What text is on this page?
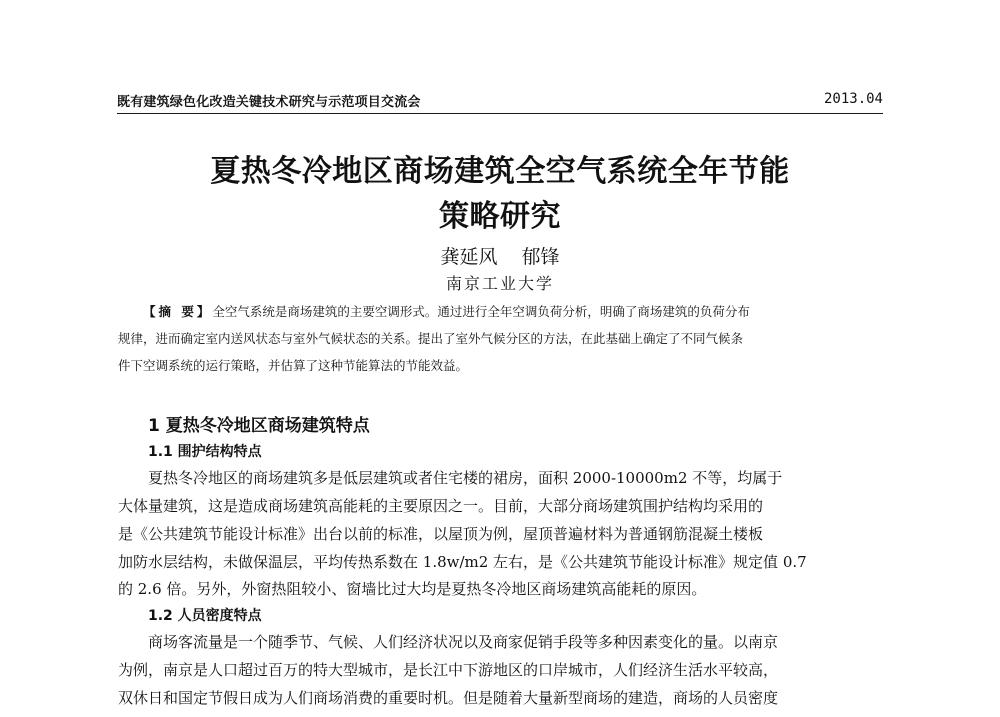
既有建筑绿色化改造关键技术研究与示范项目交流会	2013.04
夏热冬冷地区商场建筑全空气系统全年节能
策略研究
龚延风 郁锋
南京工业大学
【摘 要】全空气系统是商场建筑的主要空调形式。通过进行全年空调负荷分析，明确了商场建筑的负荷分布
规律，进而确定室内送风状态与室外气候状态的关系。提出了室外气候分区的方法，在此基础上确定了不同气候条
件下空调系统的运行策略，并估算了这种节能算法的节能效益。
1 夏热冬冷地区商场建筑特点
1.1 围护结构特点
夏热冬冷地区的商场建筑多是低层建筑或者住宅楼的裙房，面积 2000-10000m2 不等，均属于
大体量建筑，这是造成商场建筑高能耗的主要原因之一。目前，大部分商场建筑围护结构均采用的
是《公共建筑节能设计标准》出台以前的标准，以屋顶为例，屋顶普遍材料为普通钢筋混凝土楼板
加防水层结构，未做保温层，平均传热系数在 1.8w/m2 左右，是《公共建筑节能设计标准》规定值 0.7
的 2.6 倍。另外，外窗热阻较小、窗墙比过大均是夏热冬冷地区商场建筑高能耗的原因。
1.2 人员密度特点
商场客流量是一个随季节、气候、人们经济状况以及商家促销手段等多种因素变化的量。以南京
为例，南京是人口超过百万的特大型城市，是长江中下游地区的口岸城市，人们经济生活水平较高，
双休日和国定节假日成为人们商场消费的重要时机。但是随着大量新型商场的建造，商场的人员密度
